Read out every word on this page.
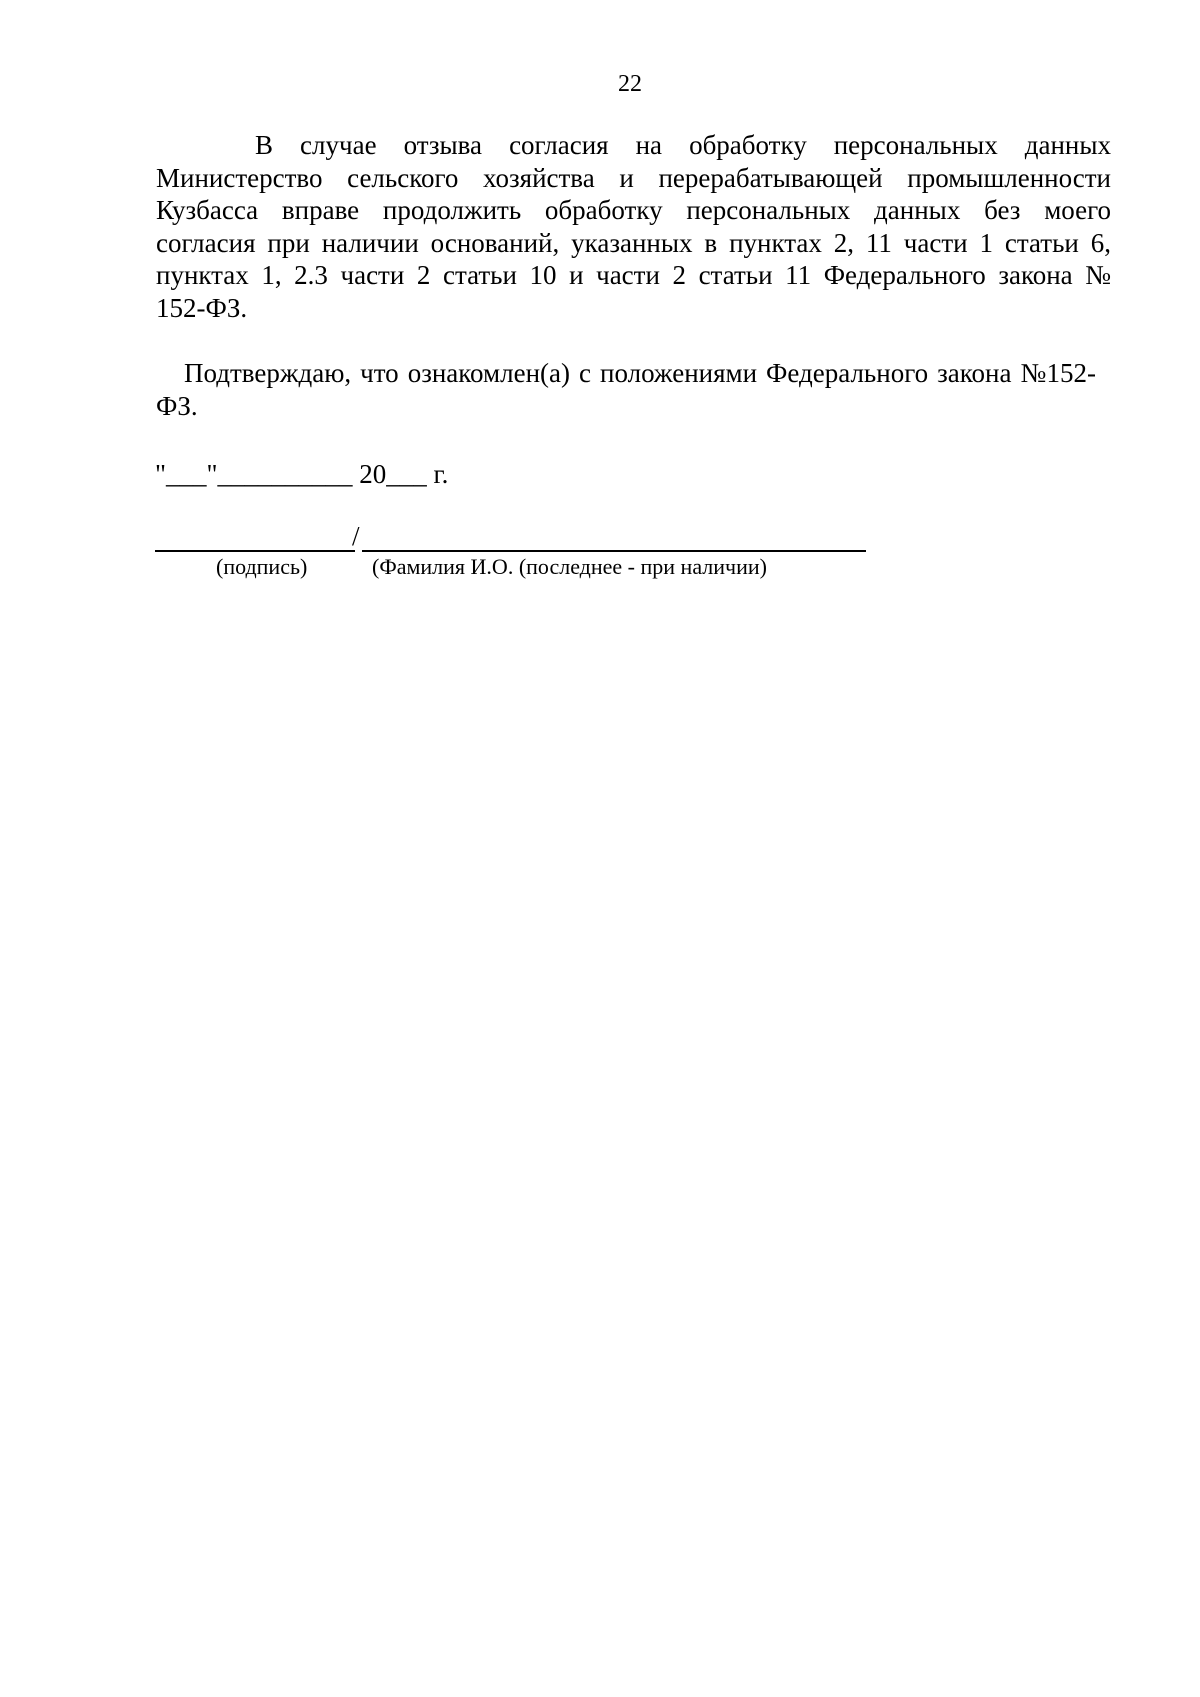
22
В случае отзыва согласия на обработку персональных данных Министерство сельского хозяйства и перерабатывающей промышленности Кузбасса вправе продолжить обработку персональных данных без моего согласия при наличии оснований, указанных в пунктах 2, 11 части 1 статьи 6, пунктах 1, 2.3 части 2 статьи 10 и части 2 статьи 11 Федерального закона № 152-ФЗ.
Подтверждаю, что ознакомлен(а) с положениями Федерального закона №152-ФЗ.
"___"__________ 20___ г.
/
(подпись)	(Фамилия И.О. (последнее - при наличии)
